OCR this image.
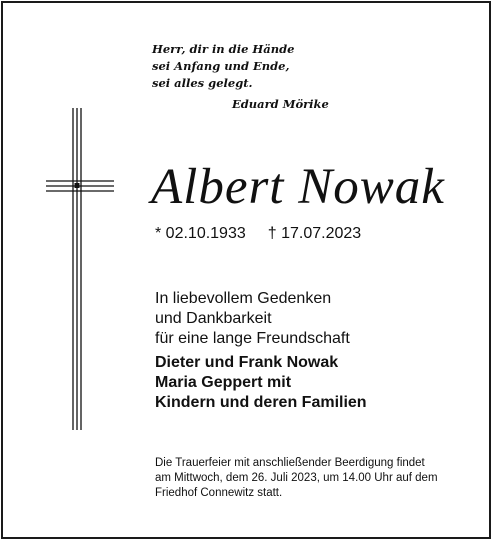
Herr, dir in die Hände
sei Anfang und Ende,
sei alles gelegt.
Eduard Mörike
Albert Nowak
* 02.10.1933 † 17.07.2023
In liebevollem Gedenken
und Dankbarkeit
für eine lange Freundschaft
Dieter und Frank Nowak
Maria Geppert mit
Kindern und deren Familien
Die Trauerfeier mit anschließender Beerdigung findet
am Mittwoch, dem 26. Juli 2023, um 14.00 Uhr auf dem
Friedhof Connewitz statt.
